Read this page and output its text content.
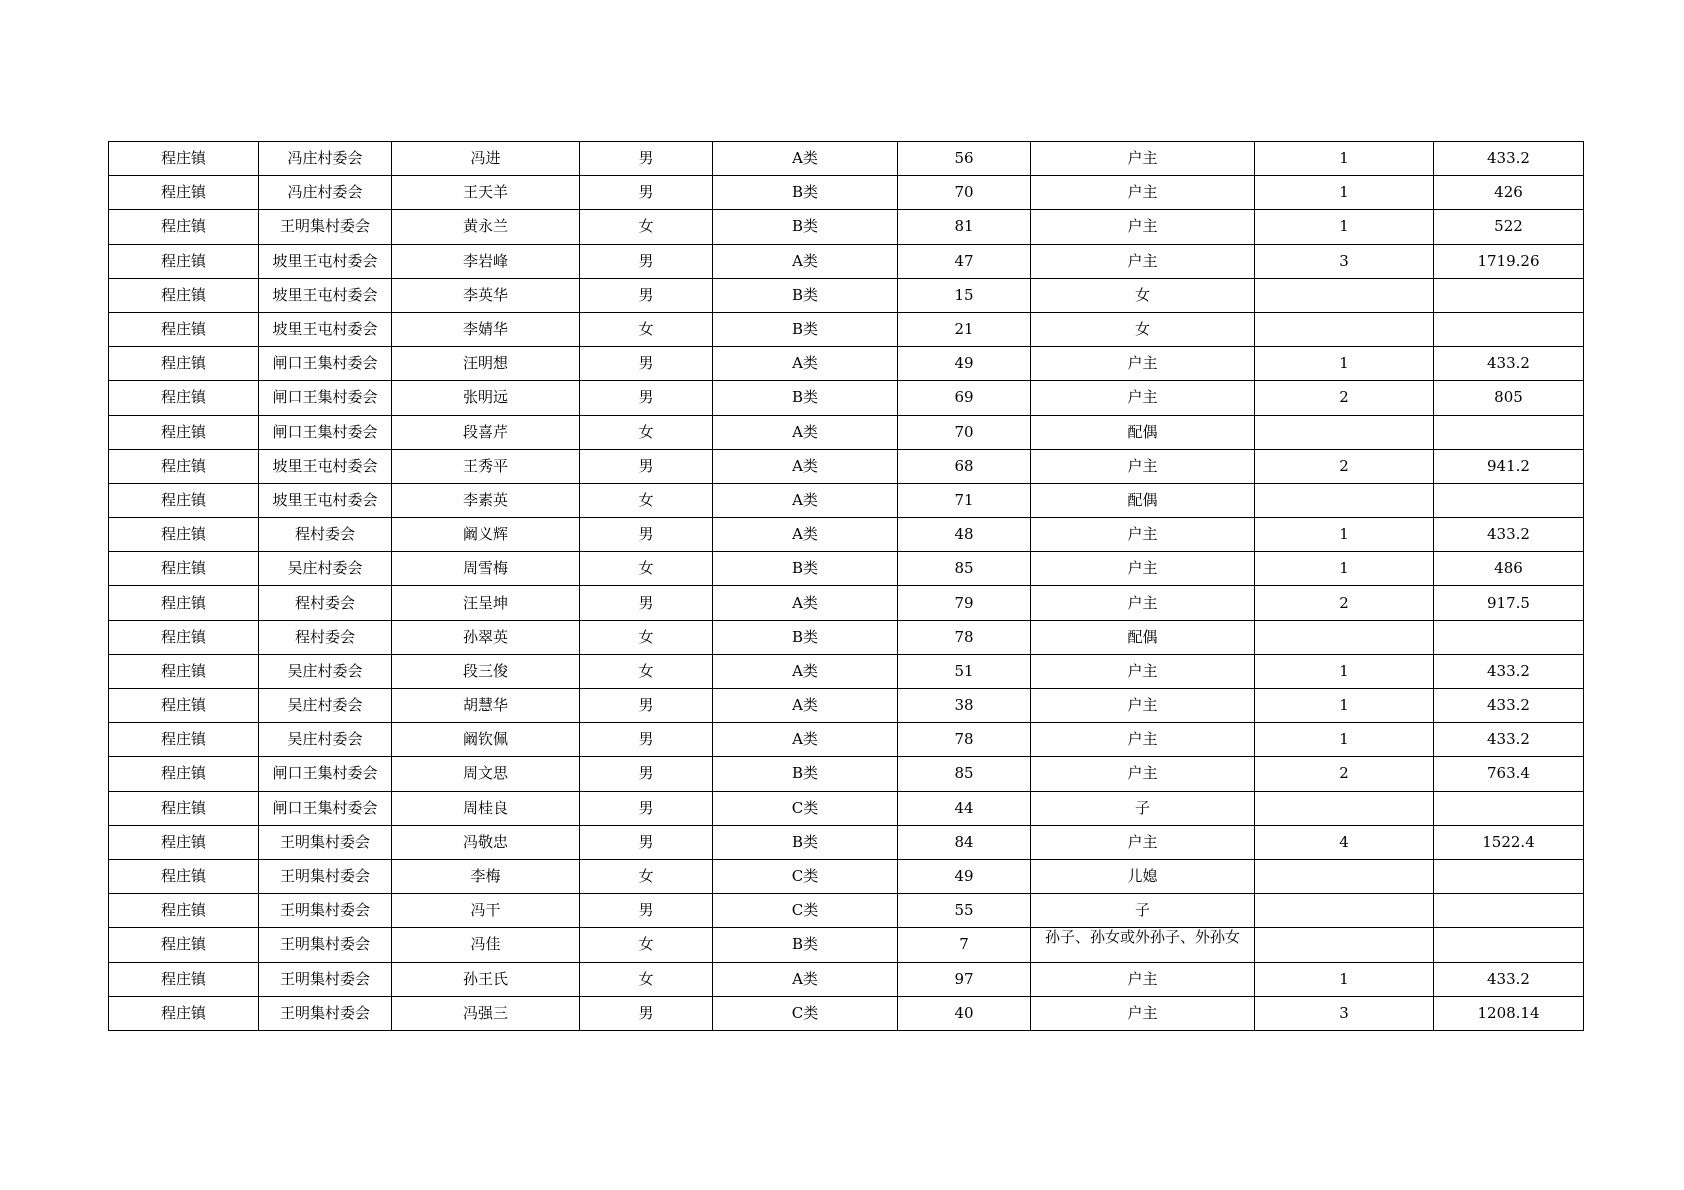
程庄镇	冯庄村委会	冯进	男	A类	56	户主	1	433.2
程庄镇	冯庄村委会	王天羊	男	B类	70	户主	1	426
程庄镇	王明集村委会	黄永兰	女	B类	81	户主	1	522
程庄镇	坡里王屯村委会	李岩峰	男	A类	47	户主	3	1719.26
程庄镇	坡里王屯村委会	李英华	男	B类	15	女		
程庄镇	坡里王屯村委会	李婧华	女	B类	21	女		
程庄镇	闸口王集村委会	汪明想	男	A类	49	户主	1	433.2
程庄镇	闸口王集村委会	张明远	男	B类	69	户主	2	805
程庄镇	闸口王集村委会	段喜芹	女	A类	70	配偶		
程庄镇	坡里王屯村委会	王秀平	男	A类	68	户主	2	941.2
程庄镇	坡里王屯村委会	李素英	女	A类	71	配偶		
程庄镇	程村委会	阚义辉	男	A类	48	户主	1	433.2
程庄镇	吴庄村委会	周雪梅	女	B类	85	户主	1	486
程庄镇	程村委会	汪呈坤	男	A类	79	户主	2	917.5
程庄镇	程村委会	孙翠英	女	B类	78	配偶		
程庄镇	吴庄村委会	段三俊	女	A类	51	户主	1	433.2
程庄镇	吴庄村委会	胡慧华	男	A类	38	户主	1	433.2
程庄镇	吴庄村委会	阚钦佩	男	A类	78	户主	1	433.2
程庄镇	闸口王集村委会	周文思	男	B类	85	户主	2	763.4
程庄镇	闸口王集村委会	周桂良	男	C类	44	子		
程庄镇	王明集村委会	冯敬忠	男	B类	84	户主	4	1522.4
程庄镇	王明集村委会	李梅	女	C类	49	儿媳		
程庄镇	王明集村委会	冯干	男	C类	55	子		
程庄镇	王明集村委会	冯佳	女	B类	7	孙子、孙女或外孙子、外孙女		

程庄镇	王明集村委会	孙王氏	女	A类	97	户主	1	433.2
程庄镇	王明集村委会	冯强三	男	C类	40	户主	3	1208.14
